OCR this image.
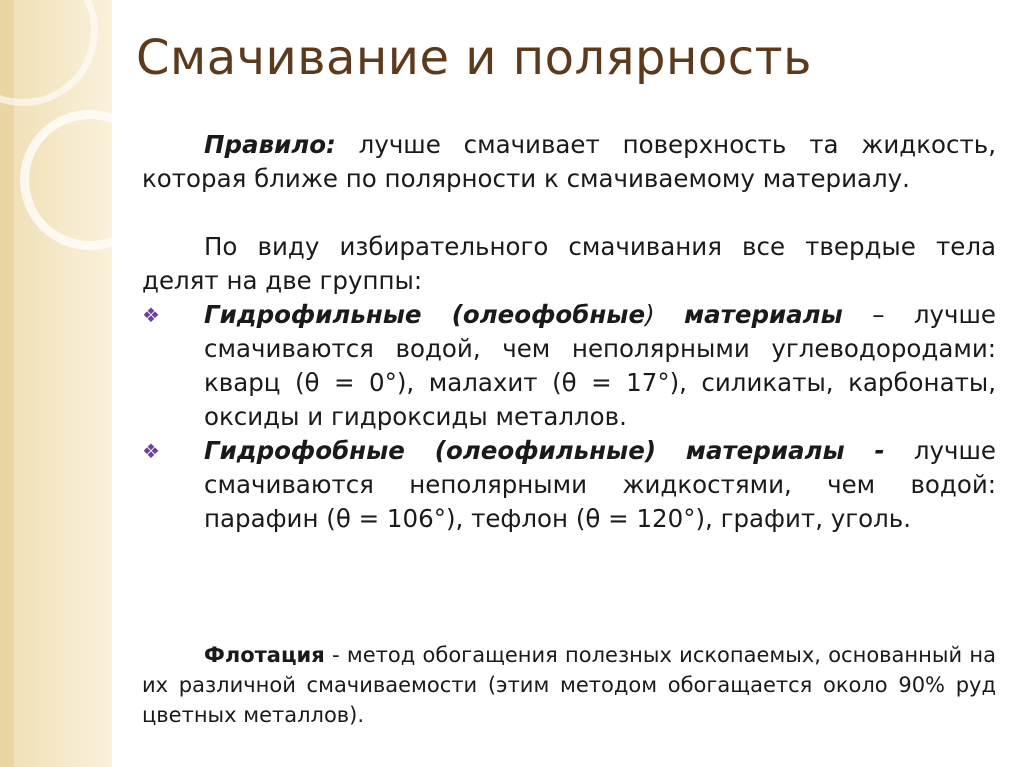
Смачивание и полярность

Правило: лучше смачивает поверхность та жидкость, которая ближе по полярности к смачиваемому материалу.

По виду избирательного смачивания все твердые тела делят на две группы:

❖	Гидрофильные (олеофобные) материалы – лучше смачиваются водой, чем неполярными углеводородами: кварц (θ = 0°), малахит (θ = 17°), силикаты, карбонаты, оксиды и гидроксиды металлов.
❖	Гидрофобные (олеофильные) материалы - лучше смачиваются неполярными жидкостями, чем водой: парафин (θ = 106°), тефлон (θ = 120°), графит, уголь.
Флотация - метод обогащения полезных ископаемых, основанный на их различной смачиваемости (этим методом обогащается около 90% руд цветных металлов).
